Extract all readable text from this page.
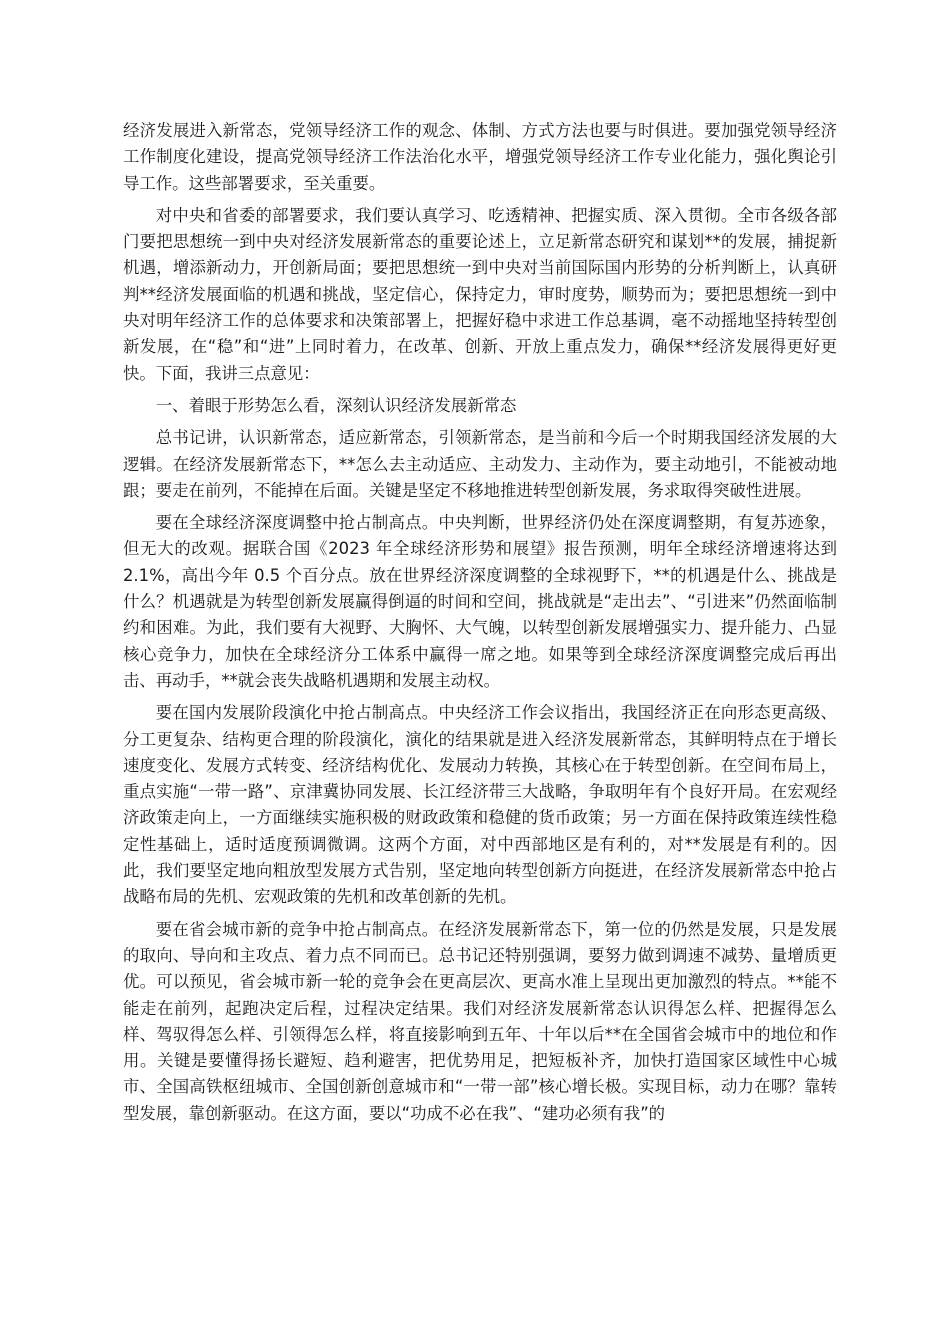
经济发展进入新常态，党领导经济工作的观念、体制、方式方法也要与时俱进。要加强党领导经济工作制度化建设，提高党领导经济工作法治化水平，增强党领导经济工作专业化能力，强化舆论引导工作。这些部署要求，至关重要。

对中央和省委的部署要求，我们要认真学习、吃透精神、把握实质、深入贯彻。全市各级各部门要把思想统一到中央对经济发展新常态的重要论述上，立足新常态研究和谋划**的发展，捕捉新机遇，增添新动力，开创新局面；要把思想统一到中央对当前国际国内形势的分析判断上，认真研判**经济发展面临的机遇和挑战，坚定信心，保持定力，审时度势，顺势而为；要把思想统一到中央对明年经济工作的总体要求和决策部署上，把握好稳中求进工作总基调，毫不动摇地坚持转型创新发展，在“稳”和“进”上同时着力，在改革、创新、开放上重点发力，确保**经济发展得更好更快。下面，我讲三点意见：

一、着眼于形势怎么看，深刻认识经济发展新常态

总书记讲，认识新常态，适应新常态，引领新常态，是当前和今后一个时期我国经济发展的大逻辑。在经济发展新常态下，**怎么去主动适应、主动发力、主动作为，要主动地引，不能被动地跟；要走在前列，不能掉在后面。关键是坚定不移地推进转型创新发展，务求取得突破性进展。

要在全球经济深度调整中抢占制高点。中央判断，世界经济仍处在深度调整期，有复苏迹象，但无大的改观。据联合国《2023 年全球经济形势和展望》报告预测，明年全球经济增速将达到 2.1%，高出今年 0.5 个百分点。放在世界经济深度调整的全球视野下，**的机遇是什么、挑战是什么？机遇就是为转型创新发展赢得倒逼的时间和空间，挑战就是“走出去”、“引进来”仍然面临制约和困难。为此，我们要有大视野、大胸怀、大气魄，以转型创新发展增强实力、提升能力、凸显核心竞争力，加快在全球经济分工体系中赢得一席之地。如果等到全球经济深度调整完成后再出击、再动手，**就会丧失战略机遇期和发展主动权。

要在国内发展阶段演化中抢占制高点。中央经济工作会议指出，我国经济正在向形态更高级、分工更复杂、结构更合理的阶段演化，演化的结果就是进入经济发展新常态，其鲜明特点在于增长速度变化、发展方式转变、经济结构优化、发展动力转换，其核心在于转型创新。在空间布局上，重点实施“一带一路”、京津冀协同发展、长江经济带三大战略，争取明年有个良好开局。在宏观经济政策走向上，一方面继续实施积极的财政政策和稳健的货币政策；另一方面在保持政策连续性稳定性基础上，适时适度预调微调。这两个方面，对中西部地区是有利的，对**发展是有利的。因此，我们要坚定地向粗放型发展方式告别，坚定地向转型创新方向挺进，在经济发展新常态中抢占战略布局的先机、宏观政策的先机和改革创新的先机。

要在省会城市新的竞争中抢占制高点。在经济发展新常态下，第一位的仍然是发展，只是发展的取向、导向和主攻点、着力点不同而已。总书记还特别强调，要努力做到调速不减势、量增质更优。可以预见，省会城市新一轮的竞争会在更高层次、更高水准上呈现出更加激烈的特点。**能不能走在前列，起跑决定后程，过程决定结果。我们对经济发展新常态认识得怎么样、把握得怎么样、驾驭得怎么样、引领得怎么样，将直接影响到五年、十年以后**在全国省会城市中的地位和作用。关键是要懂得扬长避短、趋利避害，把优势用足，把短板补齐，加快打造国家区域性中心城市、全国高铁枢纽城市、全国创新创意城市和“一带一部”核心增长极。实现目标，动力在哪？靠转型发展，靠创新驱动。在这方面，要以“功成不必在我”、“建功必须有我”的
